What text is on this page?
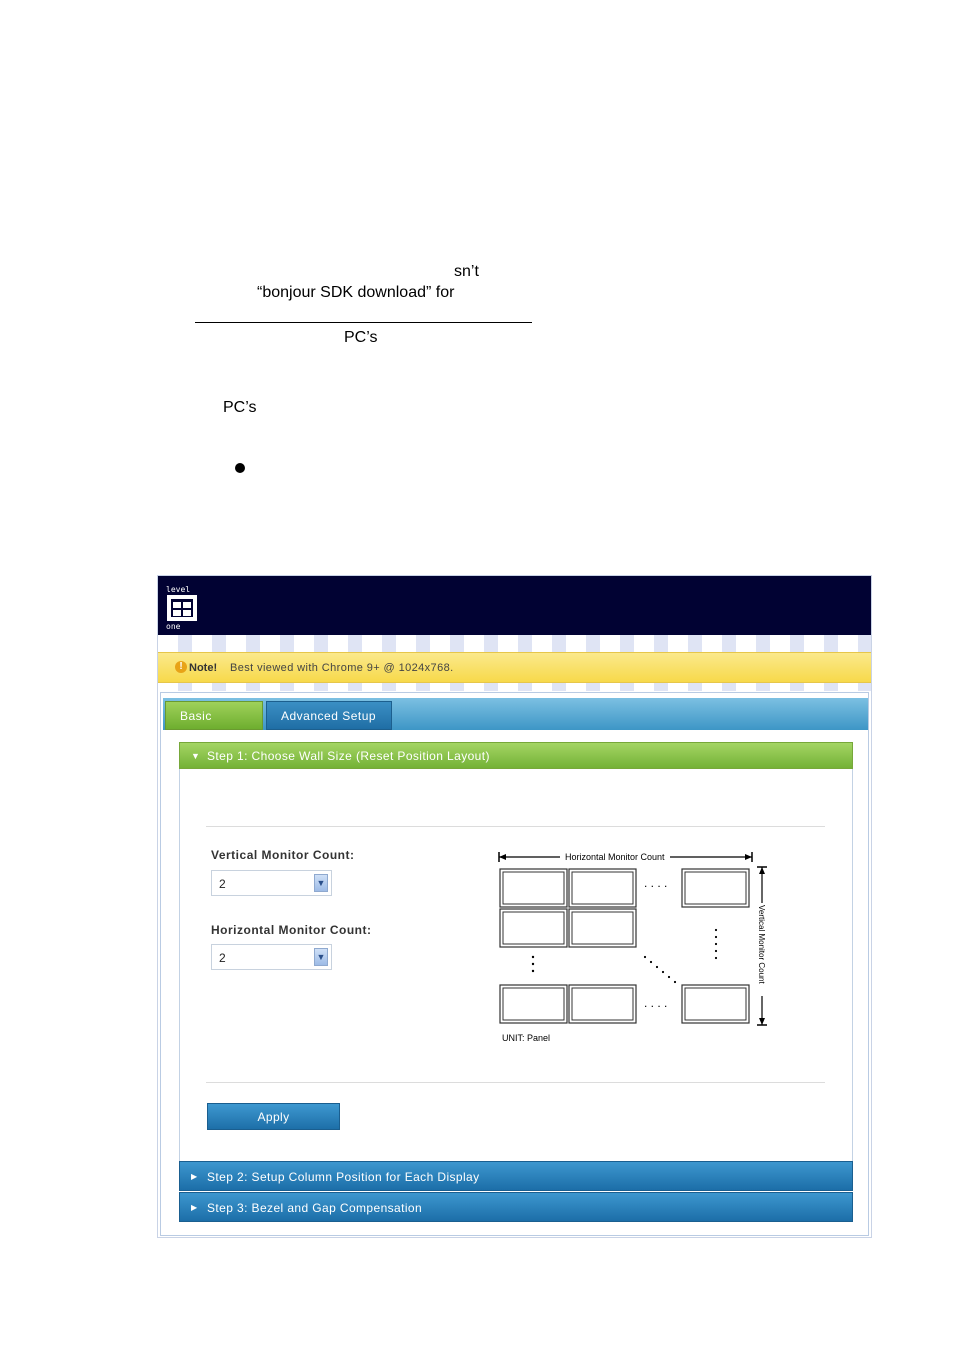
sn’t
“bonjour SDK download” for
PC’s
PC’s
level
one
! Note! Best viewed with Chrome 9+ @ 1024x768.
Basic	Advanced Setup
▼ Step 1: Choose Wall Size (Reset Position Layout)
Vertical Monitor Count:
2	▼
Horizontal Monitor Count:
2	▼
Horizontal Monitor Count
. . . .
. . . .
Vertical Monitor Count
UNIT: Panel
Apply
▶ Step 2: Setup Column Position for Each Display
▶ Step 3: Bezel and Gap Compensation
